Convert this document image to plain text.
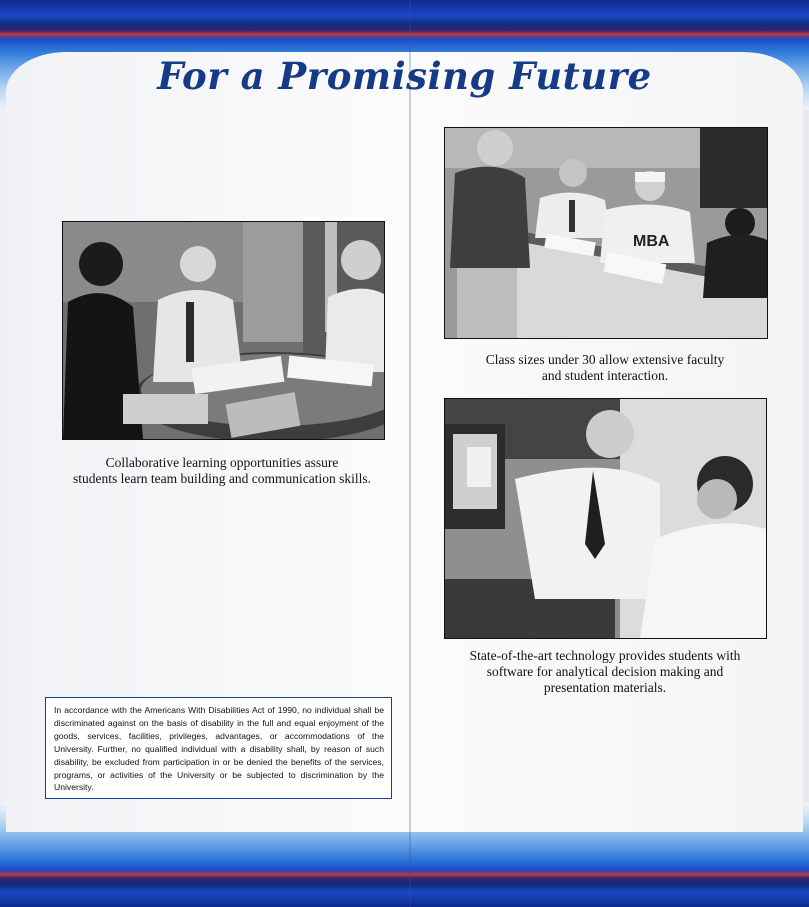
For a Promising Future
Collaborative learning opportunities assure
students learn team building and communication skills.
MBA
Class sizes under 30 allow extensive faculty
and student interaction.
State-of-the-art technology provides students with
software for analytical decision making and
presentation materials.
In accordance with the Americans With Disabilities Act of 1990, no individual shall be discriminated against on the basis of disability in the full and equal enjoyment of the goods, services, facilities, privileges, advantages, or accommodations of the University. Further, no qualified individual with a disability shall, by reason of such disability, be excluded from participation in or be denied the benefits of the services, programs, or activities of the University or be subjected to discrimination by the University.
